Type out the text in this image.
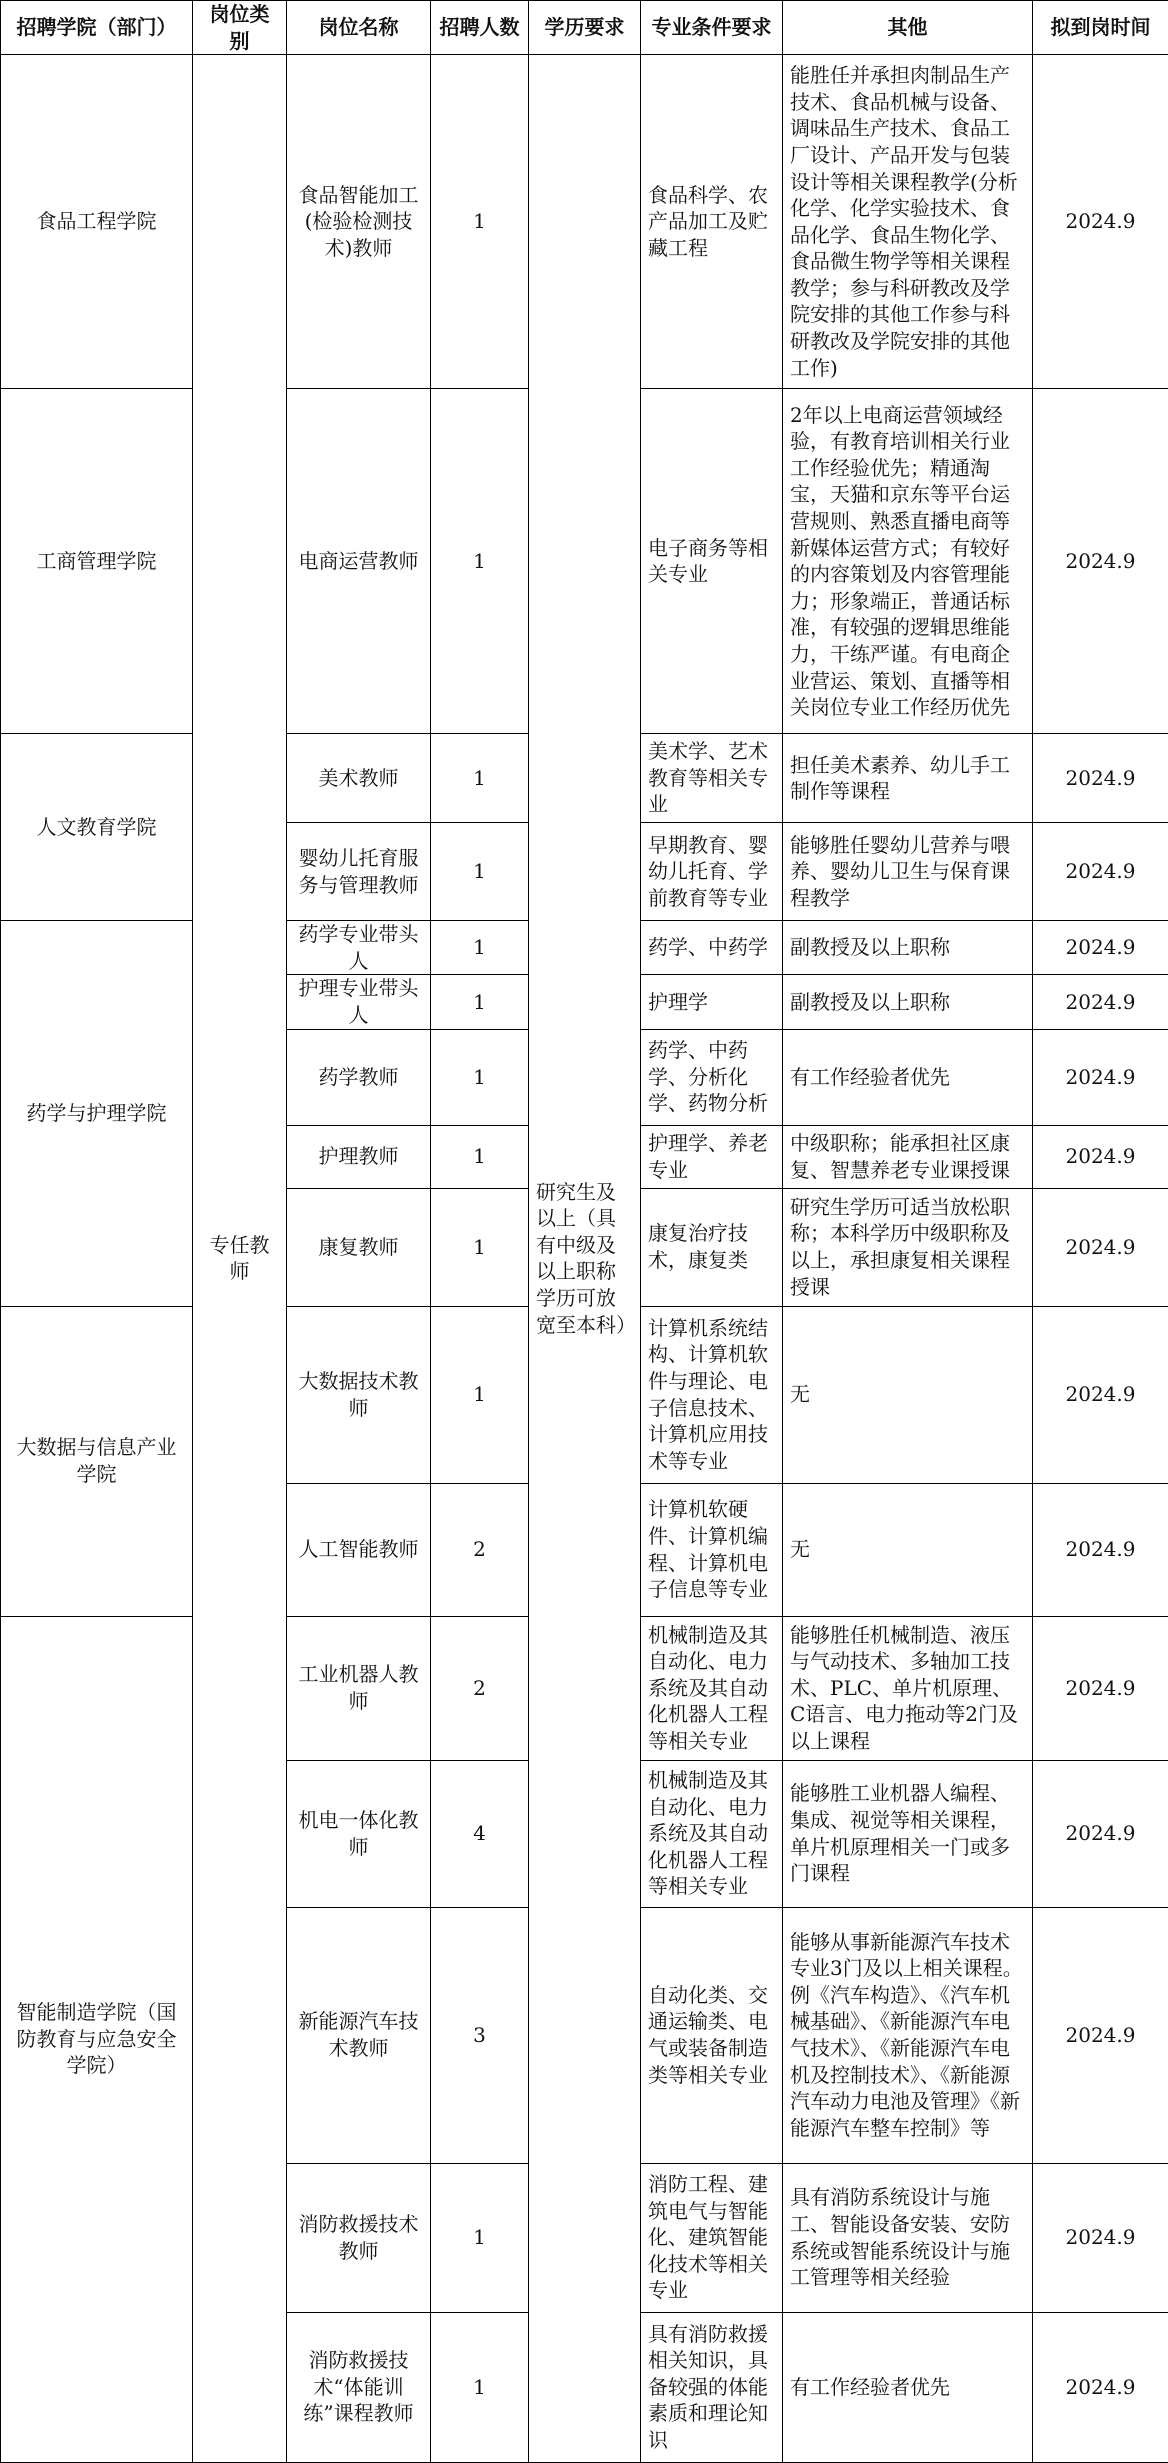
招聘学院（部门）	岗位类别	岗位名称	招聘人数	学历要求	专业条件要求	其他	拟到岗时间
食品工程学院	专任教师	食品智能加工(检验检测技术)教师	1	研究生及以上（具有中级及以上职称学历可放宽至本科）	食品科学、农产品加工及贮藏工程	能胜任并承担肉制品生产技术、食品机械与设备、调味品生产技术、食品工厂设计、产品开发与包装设计等相关课程教学(分析化学、化学实验技术、食品化学、食品生物化学、食品微生物学等相关课程教学；参与科研教改及学院安排的其他工作参与科研教改及学院安排的其他工作)	2024.9
工商管理学院		电商运营教师	1		电子商务等相关专业	2年以上电商运营领域经验，有教育培训相关行业工作经验优先；精通淘宝，天猫和京东等平台运营规则、熟悉直播电商等新媒体运营方式；有较好的内容策划及内容管理能力；形象端正，普通话标准，有较强的逻辑思维能力，干练严谨。有电商企业营运、策划、直播等相关岗位专业工作经历优先	2024.9
人文教育学院		美术教师	1		美术学、艺术教育等相关专业	担任美术素养、幼儿手工制作等课程	2024.9
		婴幼儿托育服务与管理教师	1		早期教育、婴幼儿托育、学前教育等专业	能够胜任婴幼儿营养与喂养、婴幼儿卫生与保育课程教学	2024.9
药学与护理学院		药学专业带头人	1		药学、中药学	副教授及以上职称	2024.9
		护理专业带头人	1		护理学	副教授及以上职称	2024.9
		药学教师	1		药学、中药学、分析化学、药物分析	有工作经验者优先	2024.9
		护理教师	1		护理学、养老专业	中级职称；能承担社区康复、智慧养老专业课授课	2024.9
		康复教师	1		康复治疗技术，康复类	研究生学历可适当放松职称；本科学历中级职称及以上，承担康复相关课程授课	2024.9
大数据与信息产业学院		大数据技术教师	1		计算机系统结构、计算机软件与理论、电子信息技术、计算机应用技术等专业	无	2024.9
		人工智能教师	2		计算机软硬件、计算机编程、计算机电子信息等专业	无	2024.9
智能制造学院（国防教育与应急安全学院）		工业机器人教师	2		机械制造及其自动化、电力系统及其自动化机器人工程等相关专业	能够胜任机械制造、液压与气动技术、多轴加工技术、PLC、单片机原理、C语言、电力拖动等2门及以上课程	2024.9
		机电一体化教师	4		机械制造及其自动化、电力系统及其自动化机器人工程等相关专业	能够胜工业机器人编程、集成、视觉等相关课程，单片机原理相关一门或多门课程	2024.9
		新能源汽车技术教师	3		自动化类、交通运输类、电气或装备制造类等相关专业	能够从事新能源汽车技术专业3门及以上相关课程。例《汽车构造》、《汽车机械基础》、《新能源汽车电气技术》、《新能源汽车电机及控制技术》、《新能源汽车动力电池及管理》《新能源汽车整车控制》等	2024.9
		消防救援技术教师	1		消防工程、建筑电气与智能化、建筑智能化技术等相关专业	具有消防系统设计与施工、智能设备安装、安防系统或智能系统设计与施工管理等相关经验	2024.9
		消防救援技术“体能训练”课程教师	1		具有消防救援相关知识，具备较强的体能素质和理论知识	有工作经验者优先	2024.9
